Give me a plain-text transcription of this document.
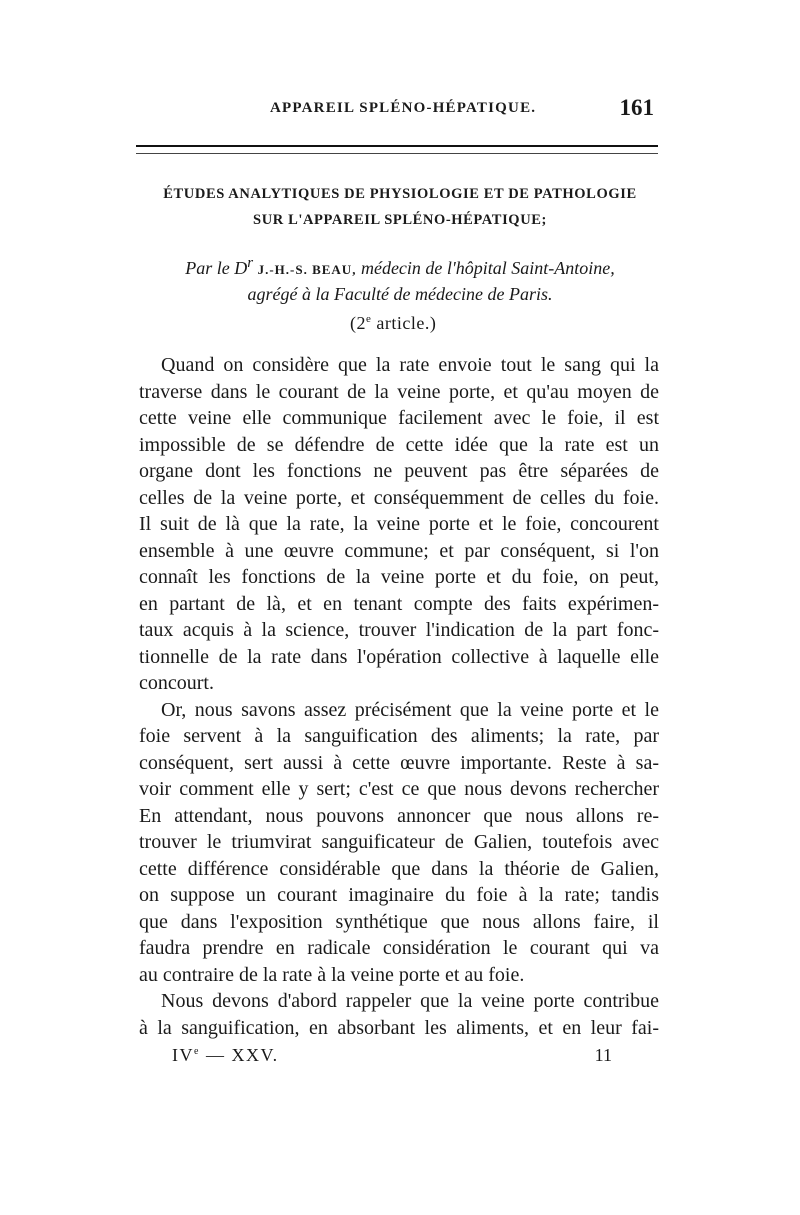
APPAREIL SPLÉNO-HÉPATIQUE.	161
ÉTUDES ANALYTIQUES DE PHYSIOLOGIE ET DE PATHOLOGIE
SUR L'APPAREIL SPLÉNO-HÉPATIQUE;
Par le $D^r$ J.-H.-S. BEAU, médecin de l'hôpital Saint-Antoine,
agrégé à la Faculté de médecine de Paris.
(2e article.)
Quand on considère que la rate envoie tout le sang qui la
traverse dans le courant de la veine porte, et qu'au moyen de
cette veine elle communique facilement avec le foie, il est
impossible de se défendre de cette idée que la rate est un
organe dont les fonctions ne peuvent pas être séparées de
celles de la veine porte, et conséquemment de celles du foie.
Il suit de là que la rate, la veine porte et le foie, concourent
ensemble à une œuvre commune; et par conséquent, si l'on
connaît les fonctions de la veine porte et du foie, on peut,
en partant de là, et en tenant compte des faits expérimen-
taux acquis à la science, trouver l'indication de la part fonc-
tionnelle de la rate dans l'opération collective à laquelle elle
concourt.
Or, nous savons assez précisément que la veine porte et le
foie servent à la sanguification des aliments; la rate, par
conséquent, sert aussi à cette œuvre importante. Reste à sa-
voir comment elle y sert; c'est ce que nous devons rechercher
En attendant, nous pouvons annoncer que nous allons re-
trouver le triumvirat sanguificateur de Galien, toutefois avec
cette différence considérable que dans la théorie de Galien,
on suppose un courant imaginaire du foie à la rate; tandis
que dans l'exposition synthétique que nous allons faire, il
faudra prendre en radicale considération le courant qui va
au contraire de la rate à la veine porte et au foie.
Nous devons d'abord rappeler que la veine porte contribue
à la sanguification, en absorbant les aliments, et en leur fai-
IVe — XXV.	11
